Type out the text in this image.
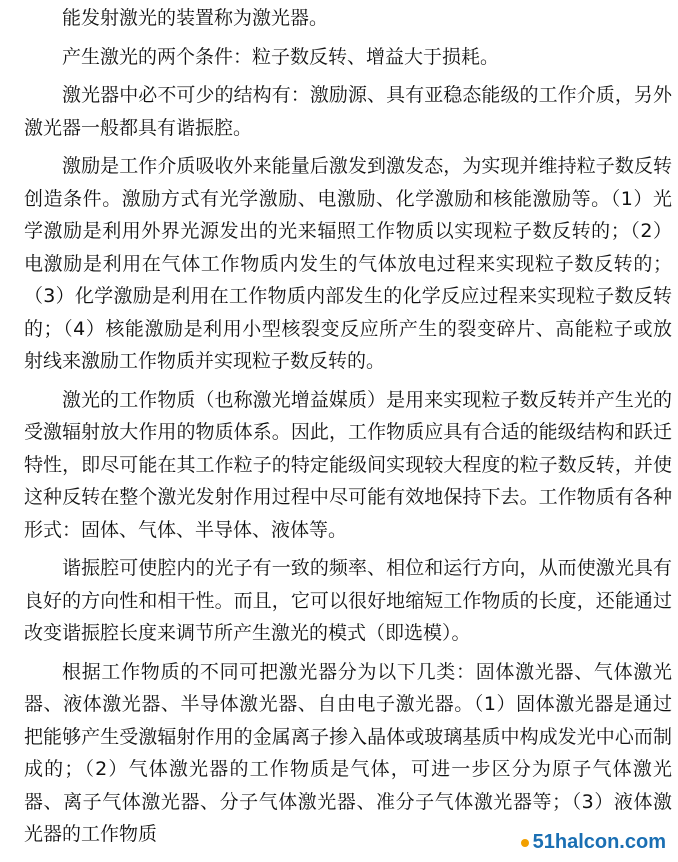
能发射激光的装置称为激光器。

产生激光的两个条件：粒子数反转、增益大于损耗。

激光器中必不可少的结构有：激励源、具有亚稳态能级的工作介质，另外激光器一般都具有谐振腔。

激励是工作介质吸收外来能量后激发到激发态，为实现并维持粒子数反转创造条件。激励方式有光学激励、电激励、化学激励和核能激励等。（1）光学激励是利用外界光源发出的光来辐照工作物质以实现粒子数反转的；（2）电激励是利用在气体工作物质内发生的气体放电过程来实现粒子数反转的；（3）化学激励是利用在工作物质内部发生的化学反应过程来实现粒子数反转的；（4）核能激励是利用小型核裂变反应所产生的裂变碎片、高能粒子或放射线来激励工作物质并实现粒子数反转的。

激光的工作物质（也称激光增益媒质）是用来实现粒子数反转并产生光的受激辐射放大作用的物质体系。因此，工作物质应具有合适的能级结构和跃迁特性，即尽可能在其工作粒子的特定能级间实现较大程度的粒子数反转，并使这种反转在整个激光发射作用过程中尽可能有效地保持下去。工作物质有各种形式：固体、气体、半导体、液体等。

谐振腔可使腔内的光子有一致的频率、相位和运行方向，从而使激光具有良好的方向性和相干性。而且，它可以很好地缩短工作物质的长度，还能通过改变谐振腔长度来调节所产生激光的模式（即选模）。

根据工作物质的不同可把激光器分为以下几类：固体激光器、气体激光器、液体激光器、半导体激光器、自由电子激光器。（1）固体激光器是通过把能够产生受激辐射作用的金属离子掺入晶体或玻璃基质中构成发光中心而制成的；（2）气体激光器的工作物质是气体，可进一步区分为原子气体激光器、离子气体激光器、分子气体激光器、准分子气体激光器等；（3）液体激光器的工作物质	51halcon.com
